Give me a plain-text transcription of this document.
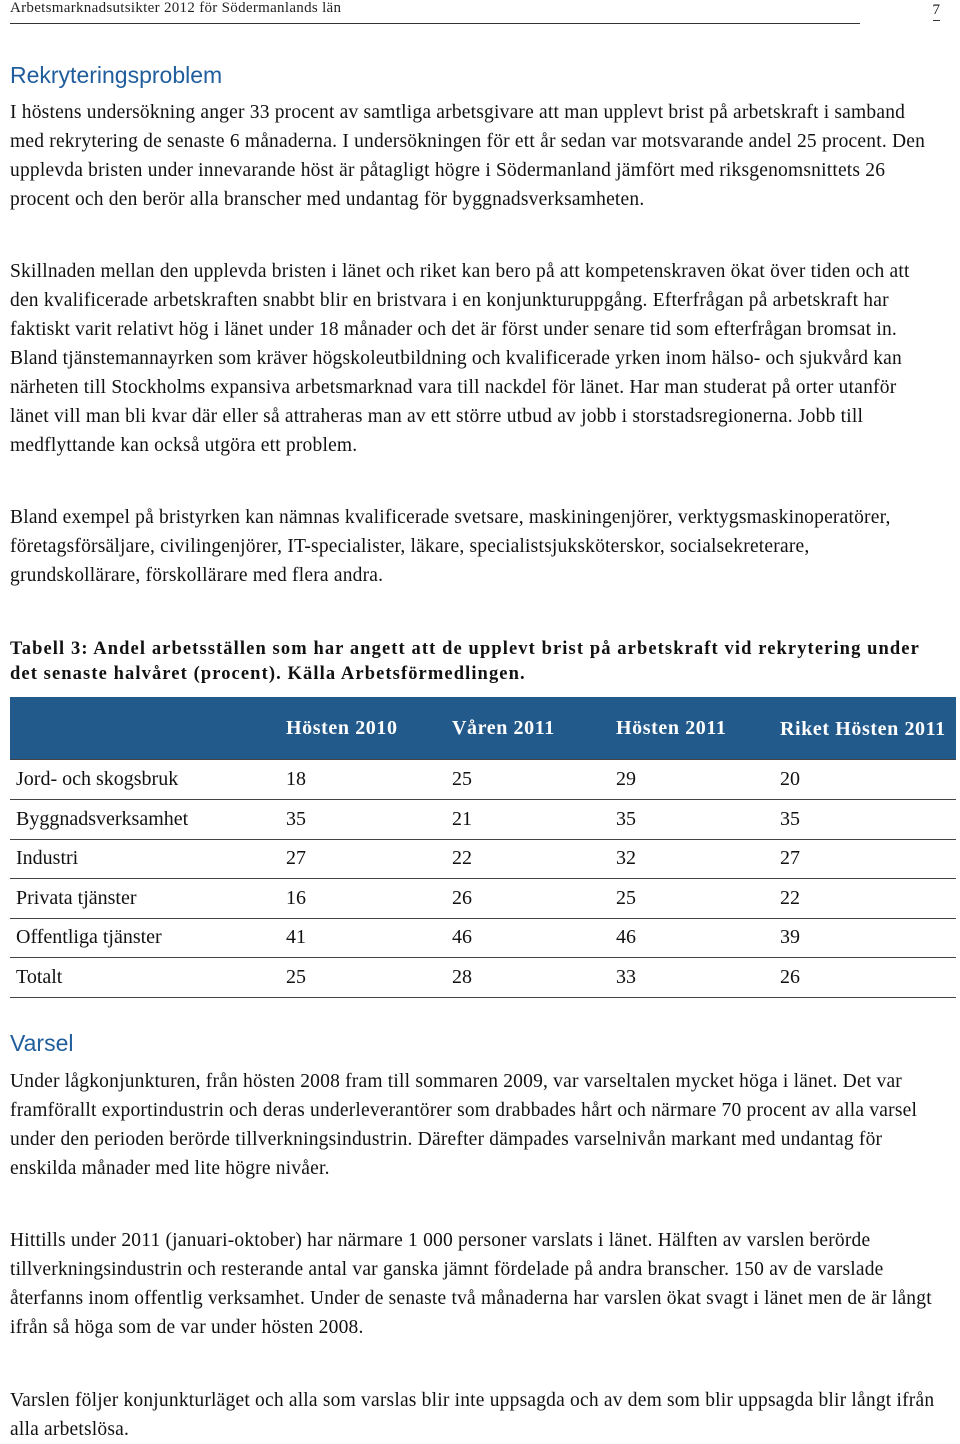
Arbetsmarknadsutsikter 2012 för Södermanlands län	7
Rekryteringsproblem

I höstens undersökning anger 33 procent av samtliga arbetsgivare att man upplevt brist på arbetskraft i samband med rekrytering de senaste 6 månaderna. I undersökningen för ett år sedan var motsvarande andel 25 procent. Den upplevda bristen under innevarande höst är påtagligt högre i Södermanland jämfört med riksgenomsnittets 26 procent och den berör alla branscher med undantag för byggnadsverksamheten.

Skillnaden mellan den upplevda bristen i länet och riket kan bero på att kompetenskraven ökat över tiden och att den kvalificerade arbetskraften snabbt blir en bristvara i en konjunkturuppgång. Efterfrågan på arbetskraft har faktiskt varit relativt hög i länet under 18 månader och det är först under senare tid som efterfrågan bromsat in. Bland tjänstemannayrken som kräver högskoleutbildning och kvalificerade yrken inom hälso- och sjukvård kan närheten till Stockholms expansiva arbetsmarknad vara till nackdel för länet. Har man studerat på orter utanför länet vill man bli kvar där eller så attraheras man av ett större utbud av jobb i storstadsregionerna. Jobb till medflyttande kan också utgöra ett problem.

Bland exempel på bristyrken kan nämnas kvalificerade svetsare, maskiningenjörer, verktygsmaskinoperatörer, företagsförsäljare, civilingenjörer, IT-specialister, läkare, specialistsjuksköterskor, socialsekreterare, grundskollärare, förskollärare med flera andra.

Tabell 3: Andel arbetsställen som har angett att de upplevt brist på arbetskraft vid rekrytering under det senaste halvåret (procent). Källa Arbetsförmedlingen.

	Hösten 2010	Våren 2011	Hösten 2011	Riket Hösten 2011
Jord- och skogsbruk	18	25	29	20
Byggnadsverksamhet	35	21	35	35
Industri	27	22	32	27
Privata tjänster	16	26	25	22
Offentliga tjänster	41	46	46	39
Totalt	25	28	33	26
Varsel

Under lågkonjunkturen, från hösten 2008 fram till sommaren 2009, var varseltalen mycket höga i länet. Det var framförallt exportindustrin och deras underleverantörer som drabbades hårt och närmare 70 procent av alla varsel under den perioden berörde tillverkningsindustrin. Därefter dämpades varselnivån markant med undantag för enskilda månader med lite högre nivåer.

Hittills under 2011 (januari-oktober) har närmare 1 000 personer varslats i länet. Hälften av varslen berörde tillverkningsindustrin och resterande antal var ganska jämnt fördelade på andra branscher. 150 av de varslade återfanns inom offentlig verksamhet. Under de senaste två månaderna har varslen ökat svagt i länet men de är långt ifrån så höga som de var under hösten 2008.

Varslen följer konjunkturläget och alla som varslas blir inte uppsagda och av dem som blir uppsagda blir långt ifrån alla arbetslösa.
